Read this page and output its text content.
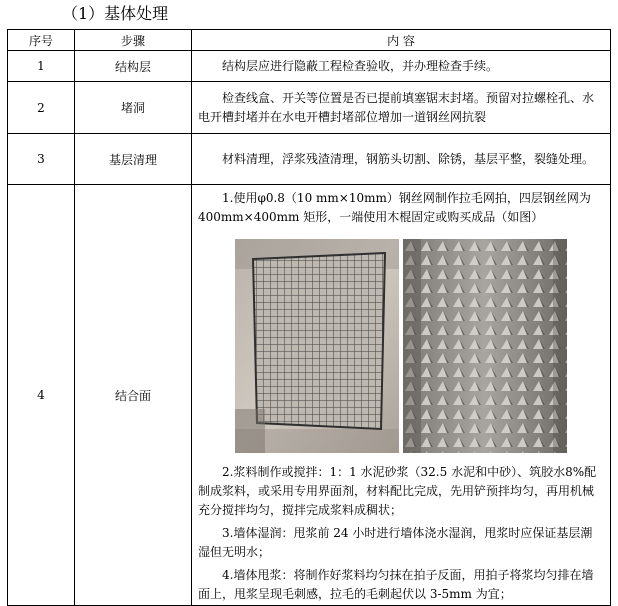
（1）基体处理
序号	步骤	内 容
1	结构层	结构层应进行隐蔽工程检查验收，并办理检查手续。

2	堵洞	检查线盒、开关等位置是否已提前填塞锯末封堵。预留对拉螺栓孔、水电开槽封堵并在水电开槽封堵部位增加一道钢丝网抗裂

3	基层清理	材料清理，浮浆残渣清理，钢筋头切割、除锈，基层平整，裂缝处理。

4	结合面	1.使用φ0.8（10 mm×10mm）钢丝网制作拉毛网拍，四层钢丝网为400mm×400mm 矩形，一端使用木棍固定或购买成品（如图）

2.浆料制作或搅拌：1：1 水泥砂浆（32.5 水泥和中砂）、筑胶水8%配制成浆料，或采用专用界面剂，材料配比完成，先用铲预拌均匀，再用机械充分搅拌均匀，搅拌完成浆料成稠状；

3.墙体湿润：甩浆前 24 小时进行墙体浇水湿润，甩浆时应保证基层潮湿但无明水；

4.墙体甩浆：将制作好浆料均匀抹在拍子反面，用拍子将浆均匀排在墙面上，甩浆呈现毛刺感，拉毛的毛刺起伏以 3-5mm 为宜；
